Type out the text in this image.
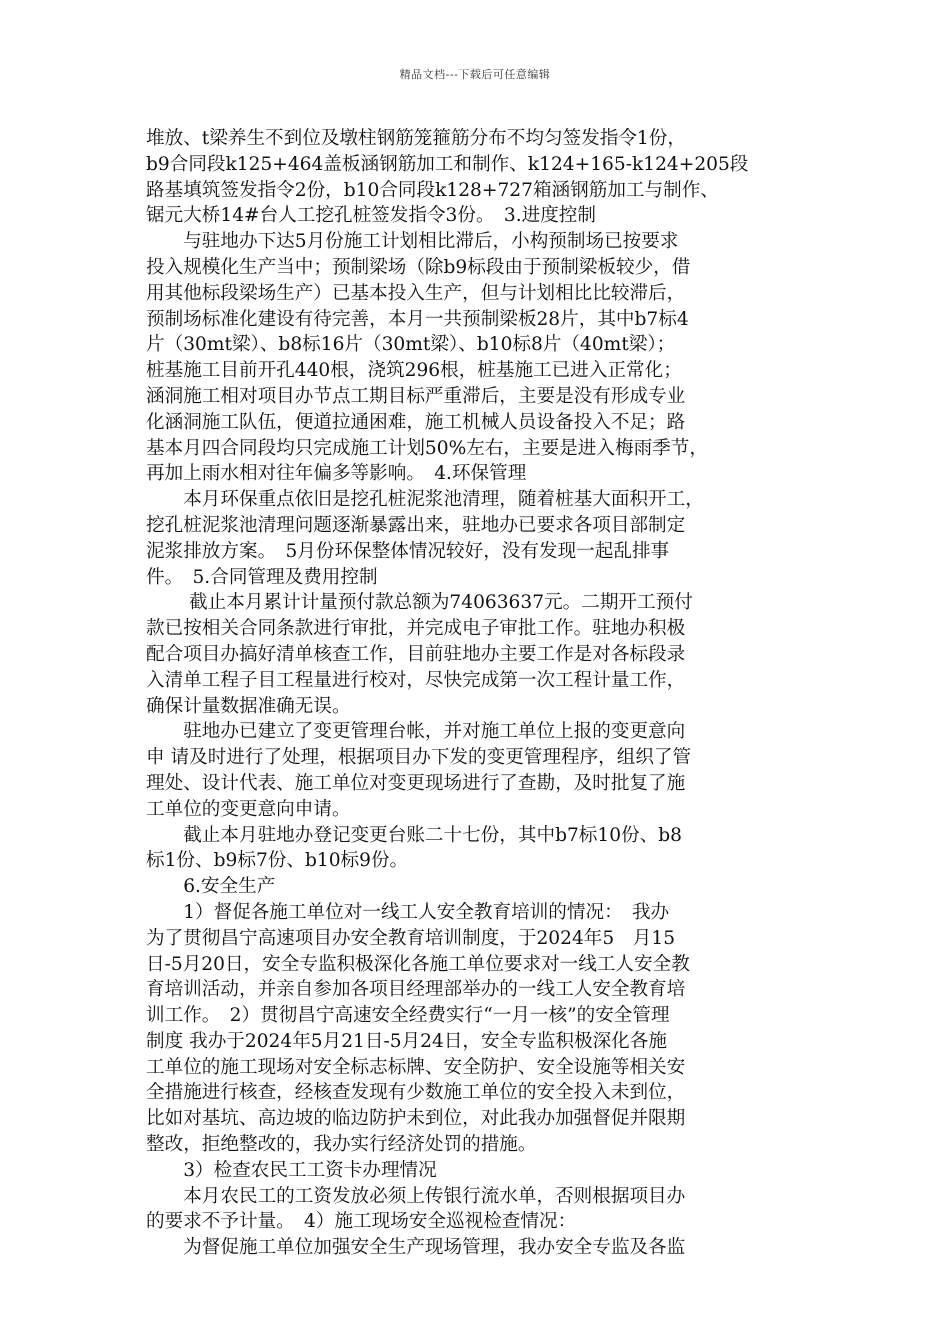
精品文档---下载后可任意编辑
堆放、t梁养生不到位及墩柱钢筋笼箍筋分布不均匀签发指令1份，
b9合同段k125+464盖板涵钢筋加工和制作、k124+165-k124+205段
路基填筑签发指令2份，b10合同段k128+727箱涵钢筋加工与制作、
锯元大桥14#台人工挖孔桩签发指令3份。　3.进度控制
　　与驻地办下达5月份施工计划相比滞后，小构预制场已按要求
投入规模化生产当中；预制梁场（除b9标段由于预制梁板较少，借
用其他标段梁场生产）已基本投入生产，但与计划相比比较滞后，
预制场标准化建设有待完善，本月一共预制梁板28片，其中b7标4
片（30mt梁）、b8标16片（30mt梁）、b10标8片（40mt梁）；
桩基施工目前开孔440根，浇筑296根，桩基施工已进入正常化；
涵洞施工相对项目办节点工期目标严重滞后，主要是没有形成专业
化涵洞施工队伍，便道拉通困难，施工机械人员设备投入不足；路
基本月四合同段均只完成施工计划50%左右，主要是进入梅雨季节，
再加上雨水相对往年偏多等影响。　4.环保管理
　　本月环保重点依旧是挖孔桩泥浆池清理，随着桩基大面积开工，
挖孔桩泥浆池清理问题逐渐暴露出来，驻地办已要求各项目部制定
泥浆排放方案。　5月份环保整体情况较好，没有发现一起乱排事
件。　5.合同管理及费用控制
　　 截止本月累计计量预付款总额为74063637元。二期开工预付
款已按相关合同条款进行审批，并完成电子审批工作。驻地办积极
配合项目办搞好清单核查工作，目前驻地办主要工作是对各标段录
入清单工程子目工程量进行校对，尽快完成第一次工程计量工作，
确保计量数据准确无误。
　　驻地办已建立了变更管理台帐，并对施工单位上报的变更意向
申 请及时进行了处理，根据项目办下发的变更管理程序，组织了管
理处、设计代表、施工单位对变更现场进行了查勘，及时批复了施
工单位的变更意向申请。
　　截止本月驻地办登记变更台账二十七份，其中b7标10份、b8
标1份、b9标7份、b10标9份。
　　6.安全生产
　　1）督促各施工单位对一线工人安全教育培训的情况：　我办
为了贯彻昌宁高速项目办安全教育培训制度，于2024年5　月15
日-5月20日，安全专监积极深化各施工单位要求对一线工人安全教
育培训活动，并亲自参加各项目经理部举办的一线工人安全教育培
训工作。　2）贯彻昌宁高速安全经费实行“一月一核”的安全管理
制度 我办于2024年5月21日-5月24日，安全专监积极深化各施
工单位的施工现场对安全标志标牌、安全防护、安全设施等相关安
全措施进行核查，经核查发现有少数施工单位的安全投入未到位，
比如对基坑、高边坡的临边防护未到位，对此我办加强督促并限期
整改，拒绝整改的，我办实行经济处罚的措施。
　　3）检查农民工工资卡办理情况
　　本月农民工的工资发放必须上传银行流水单，否则根据项目办
的要求不予计量。　4）施工现场安全巡视检查情况：
　　为督促施工单位加强安全生产现场管理，我办安全专监及各监
